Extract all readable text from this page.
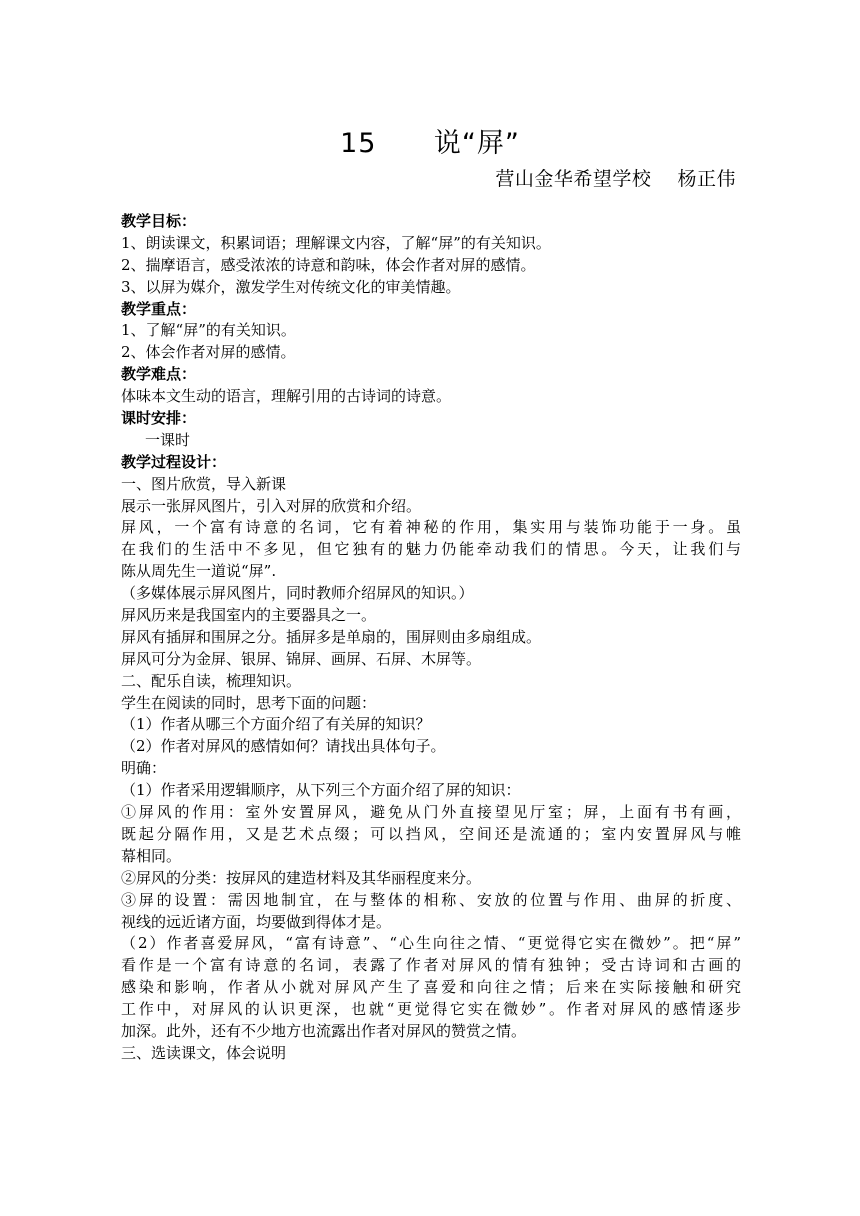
15      说“屏”
营山金华希望学校    杨正伟
教学目标：
1、朗读课文，积累词语；理解课文内容，了解“屏”的有关知识。
2、揣摩语言，感受浓浓的诗意和韵味，体会作者对屏的感情。
3、以屏为媒介，激发学生对传统文化的审美情趣。
教学重点：
1、了解“屏”的有关知识。
2、体会作者对屏的感情。
教学难点：
体味本文生动的语言，理解引用的古诗词的诗意。
课时安排：
一课时
教学过程设计：
一、图片欣赏，导入新课
展示一张屏风图片，引入对屏的欣赏和介绍。
屏风，一个富有诗意的名词，它有着神秘的作用，集实用与装饰功能于一身。虽
在我们的生活中不多见，但它独有的魅力仍能牵动我们的情思。今天，让我们与
陈从周先生一道说“屏”.
（多媒体展示屏风图片，同时教师介绍屏风的知识。）
屏风历来是我国室内的主要器具之一。
屏风有插屏和围屏之分。插屏多是单扇的，围屏则由多扇组成。
屏风可分为金屏、银屏、锦屏、画屏、石屏、木屏等。
二、配乐自读，梳理知识。
学生在阅读的同时，思考下面的问题：
（1）作者从哪三个方面介绍了有关屏的知识？
（2）作者对屏风的感情如何？请找出具体句子。
明确：
（1）作者采用逻辑顺序，从下列三个方面介绍了屏的知识：
①屏风的作用：室外安置屏风，避免从门外直接望见厅室；屏，上面有书有画，
既起分隔作用，又是艺术点缀；可以挡风，空间还是流通的；室内安置屏风与帷
幕相同。
②屏风的分类：按屏风的建造材料及其华丽程度来分。
③屏的设置：需因地制宜，在与整体的相称、安放的位置与作用、曲屏的折度、
视线的远近诸方面，均要做到得体才是。
（2）作者喜爱屏风，“富有诗意”、“心生向往之情、“更觉得它实在微妙”。把“屏”
看作是一个富有诗意的名词，表露了作者对屏风的情有独钟；受古诗词和古画的
感染和影响，作者从小就对屏风产生了喜爱和向往之情；后来在实际接触和研究
工作中，对屏风的认识更深，也就“更觉得它实在微妙”。作者对屏风的感情逐步
加深。此外，还有不少地方也流露出作者对屏风的赞赏之情。
三、选读课文，体会说明
